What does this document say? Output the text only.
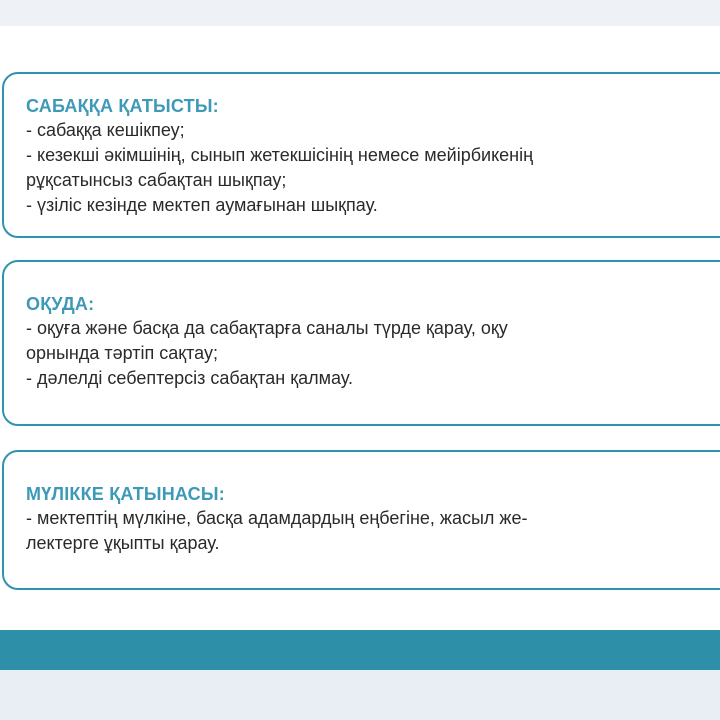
САБАҚҚА ҚАТЫСТЫ:

- сабаққа кешікпеу;

- кезекші әкімшінің, сынып жетекшісінің немесе мейірбикенің

рұқсатынсыз сабақтан шықпау;

- үзіліс кезінде мектеп аумағынан шықпау.

ОҚУДА:

- оқуға және басқа да сабақтарға саналы түрде қарау, оқу

орнында тәртіп сақтау;

- дәлелді себептерсіз сабақтан қалмау.

МҮЛІККЕ ҚАТЫНАСЫ:

- мектептің мүлкіне, басқа адамдардың еңбегіне, жасыл же-

лектерге ұқыпты қарау.
